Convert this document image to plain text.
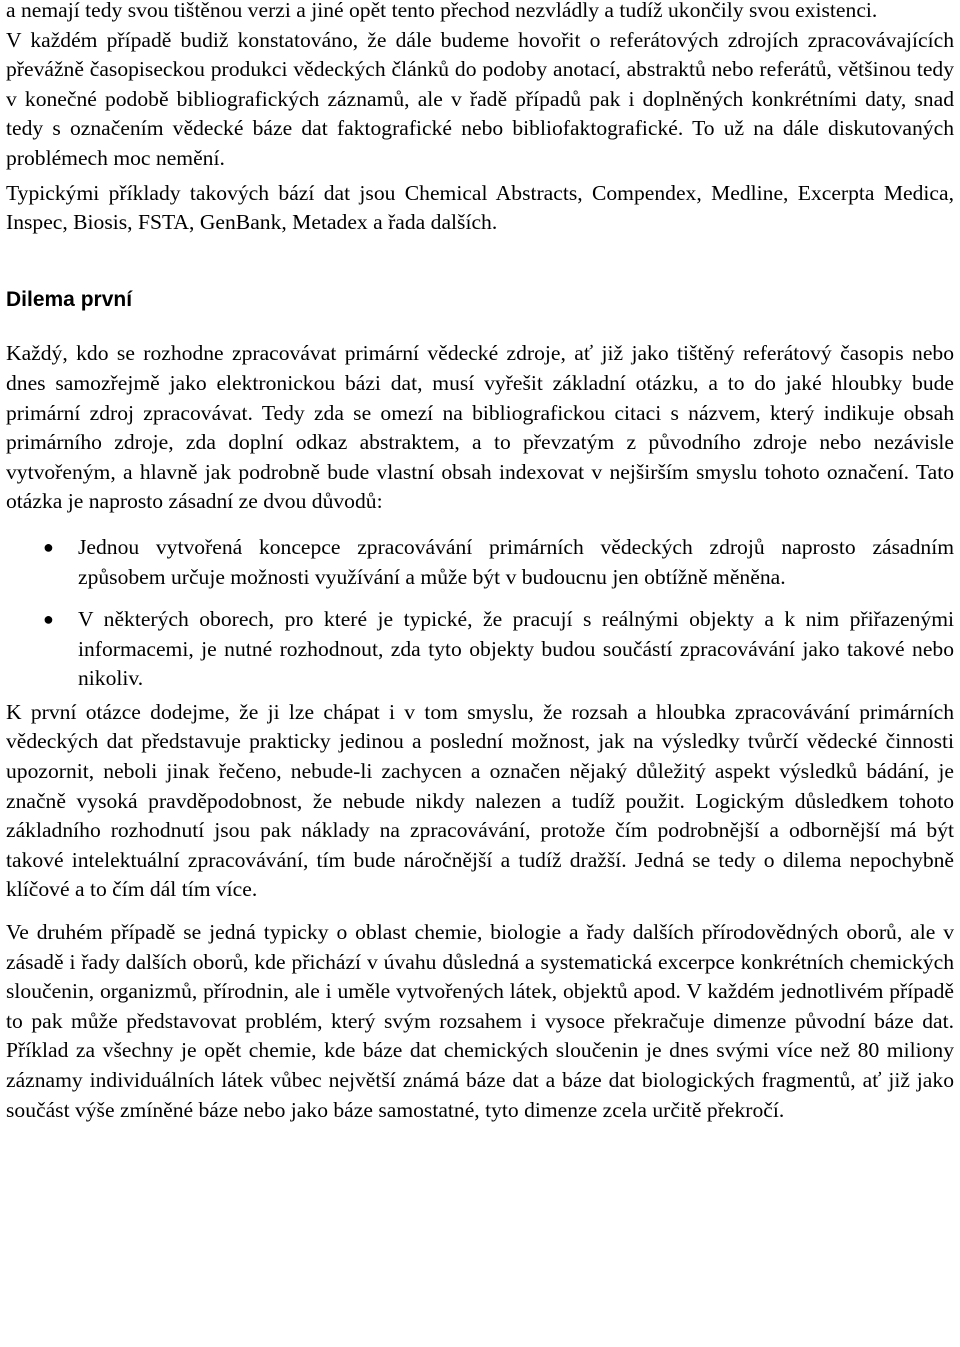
a nemají tedy svou tištěnou verzi a jiné opět tento přechod nezvládly a tudíž ukončily svou existenci.

V každém případě budiž konstatováno, že dále budeme hovořit o referátových zdrojích zpracovávajících převážně časopiseckou produkci vědeckých článků do podoby anotací, abstraktů nebo referátů, většinou tedy v konečné podobě bibliografických záznamů, ale v řadě případů pak i doplněných konkrétními daty, snad tedy s označením vědecké báze dat faktografické nebo bibliofaktografické. To už na dále diskutovaných problémech moc nemění.

Typickými příklady takových bází dat jsou Chemical Abstracts, Compendex, Medline, Excerpta Medica, Inspec, Biosis, FSTA, GenBank, Metadex a řada dalších.

Dilema první

Každý, kdo se rozhodne zpracovávat primární vědecké zdroje, ať již jako tištěný referátový časopis nebo dnes samozřejmě jako elektronickou bázi dat, musí vyřešit základní otázku, a to do jaké hloubky bude primární zdroj zpracovávat. Tedy zda se omezí na bibliografickou citaci s názvem, který indikuje obsah primárního zdroje, zda doplní odkaz abstraktem, a to převzatým z původního zdroje nebo nezávisle vytvořeným, a hlavně jak podrobně bude vlastní obsah indexovat v nejširším smyslu tohoto označení. Tato otázka je naprosto zásadní ze dvou důvodů:

● Jednou vytvořená koncepce zpracovávání primárních vědeckých zdrojů naprosto zásadním způsobem určuje možnosti využívání a může být v budoucnu jen obtížně měněna.

● V některých oborech, pro které je typické, že pracují s reálnými objekty a k nim přiřazenými informacemi, je nutné rozhodnout, zda tyto objekty budou součástí zpracovávání jako takové nebo nikoliv.

K první otázce dodejme, že ji lze chápat i v tom smyslu, že rozsah a hloubka zpracovávání primárních vědeckých dat představuje prakticky jedinou a poslední možnost, jak na výsledky tvůrčí vědecké činnosti upozornit, neboli jinak řečeno, nebude-li zachycen a označen nějaký důležitý aspekt výsledků bádání, je značně vysoká pravděpodobnost, že nebude nikdy nalezen a tudíž použit. Logickým důsledkem tohoto základního rozhodnutí jsou pak náklady na zpracovávání, protože čím podrobnější a odbornější má být takové intelektuální zpracovávání, tím bude náročnější a tudíž dražší. Jedná se tedy o dilema nepochybně klíčové a to čím dál tím více.

Ve druhém případě se jedná typicky o oblast chemie, biologie a řady dalších přírodovědných oborů, ale v zásadě i řady dalších oborů, kde přichází v úvahu důsledná a systematická excerpce konkrétních chemických sloučenin, organizmů, přírodnin, ale i uměle vytvořených látek, objektů apod. V každém jednotlivém případě to pak může představovat problém, který svým rozsahem i vysoce překračuje dimenze původní báze dat. Příklad za všechny je opět chemie, kde báze dat chemických sloučenin je dnes svými více než 80 miliony záznamy individuálních látek vůbec největší známá báze dat a báze dat biologických fragmentů, ať již jako součást výše zmíněné báze nebo jako báze samostatné, tyto dimenze zcela určitě překročí.
